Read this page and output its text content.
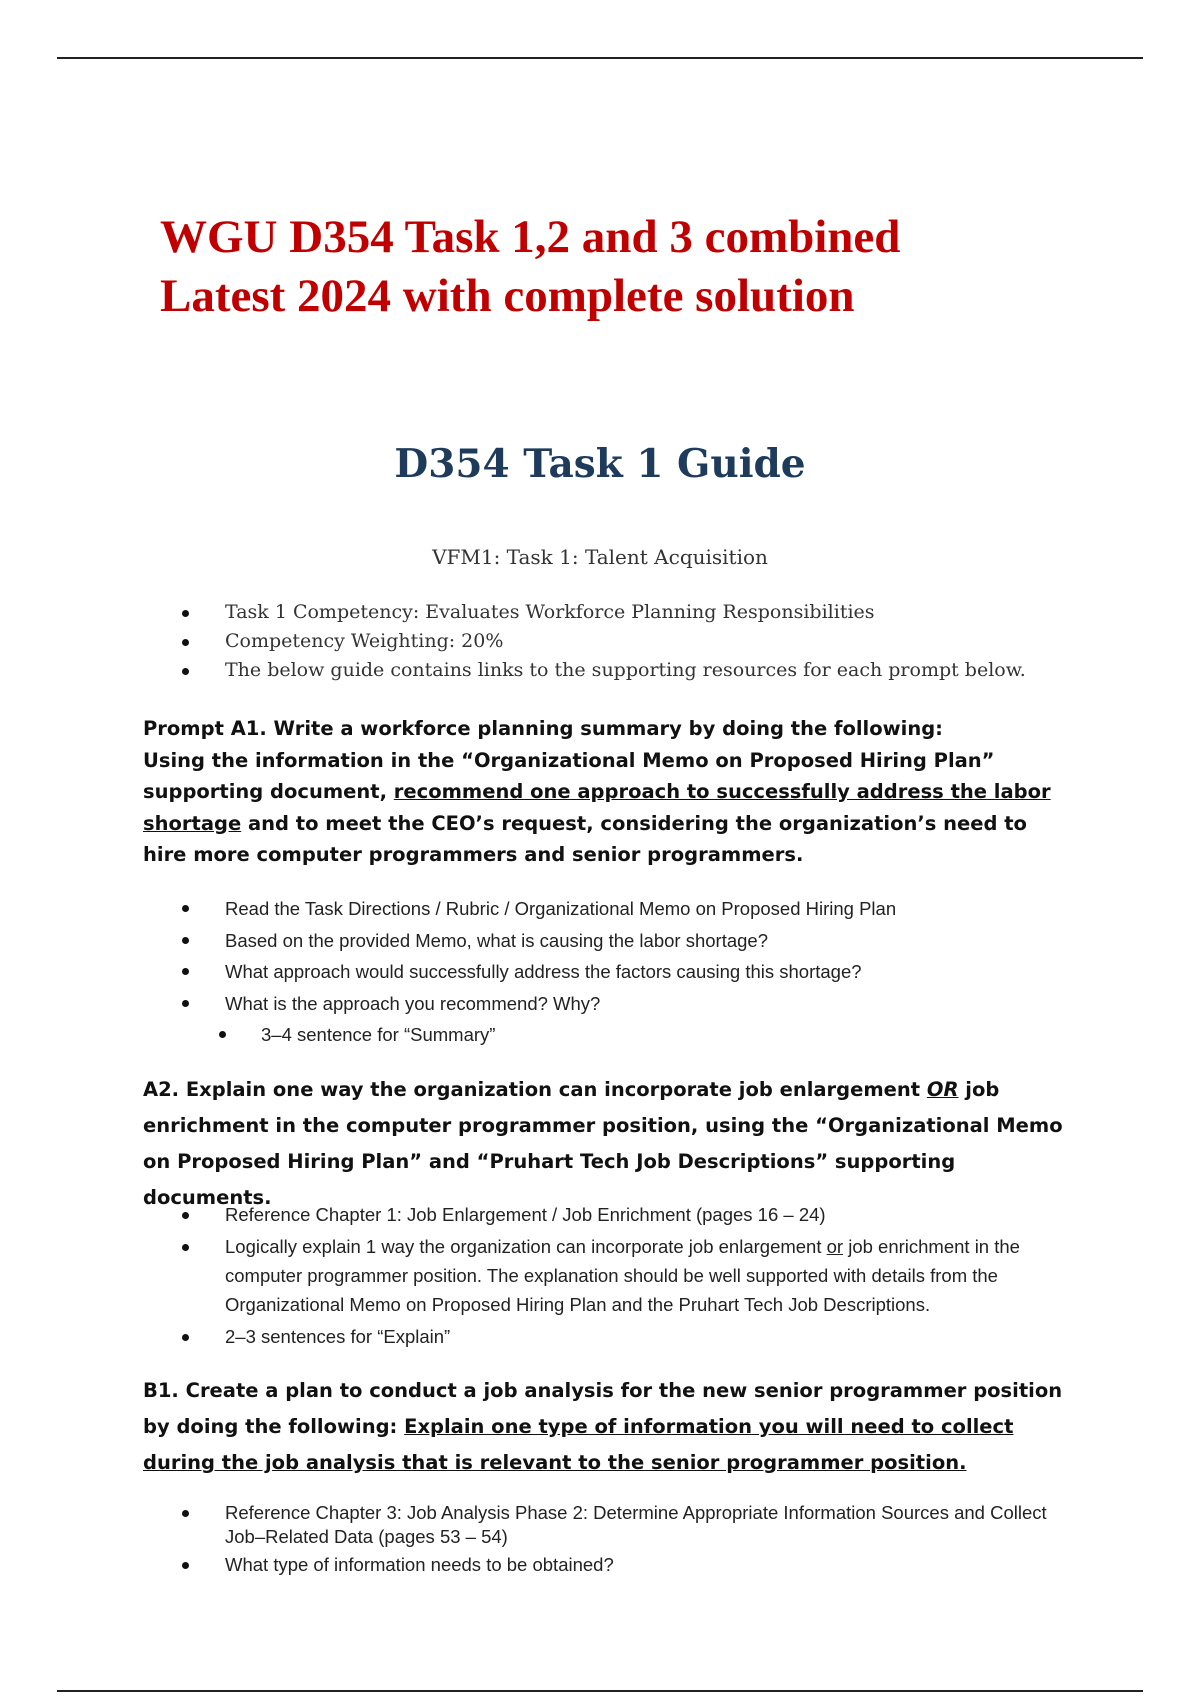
WGU D354 Task 1,2 and 3 combined
Latest 2024 with complete solution
D354 Task 1 Guide

VFM1: Task 1: Talent Acquisition

Task 1 Competency: Evaluates Workforce Planning Responsibilities
Competency Weighting: 20%
The below guide contains links to the supporting resources for each prompt below.

Prompt A1. Write a workforce planning summary by doing the following:
Using the information in the “Organizational Memo on Proposed Hiring Plan” supporting document, recommend one approach to successfully address the labor shortage and to meet the CEO’s request, considering the organization’s need to hire more computer programmers and senior programmers.

Read the Task Directions / Rubric / Organizational Memo on Proposed Hiring Plan
Based on the provided Memo, what is causing the labor shortage?
What approach would successfully address the factors causing this shortage?
What is the approach you recommend? Why?
3–4 sentence for “Summary”

A2. Explain one way the organization can incorporate job enlargement OR job enrichment in the computer programmer position, using the “Organizational Memo on Proposed Hiring Plan” and “Pruhart Tech Job Descriptions” supporting documents.

Reference Chapter 1: Job Enlargement / Job Enrichment (pages 16 – 24)
Logically explain 1 way the organization can incorporate job enlargement or job enrichment in the computer programmer position. The explanation should be well supported with details from the Organizational Memo on Proposed Hiring Plan and the Pruhart Tech Job Descriptions.
2–3 sentences for “Explain”

B1. Create a plan to conduct a job analysis for the new senior programmer position by doing the following: Explain one type of information you will need to collect during the job analysis that is relevant to the senior programmer position.

Reference Chapter 3: Job Analysis Phase 2: Determine Appropriate Information Sources and Collect Job–Related Data (pages 53 – 54)
What type of information needs to be obtained?
